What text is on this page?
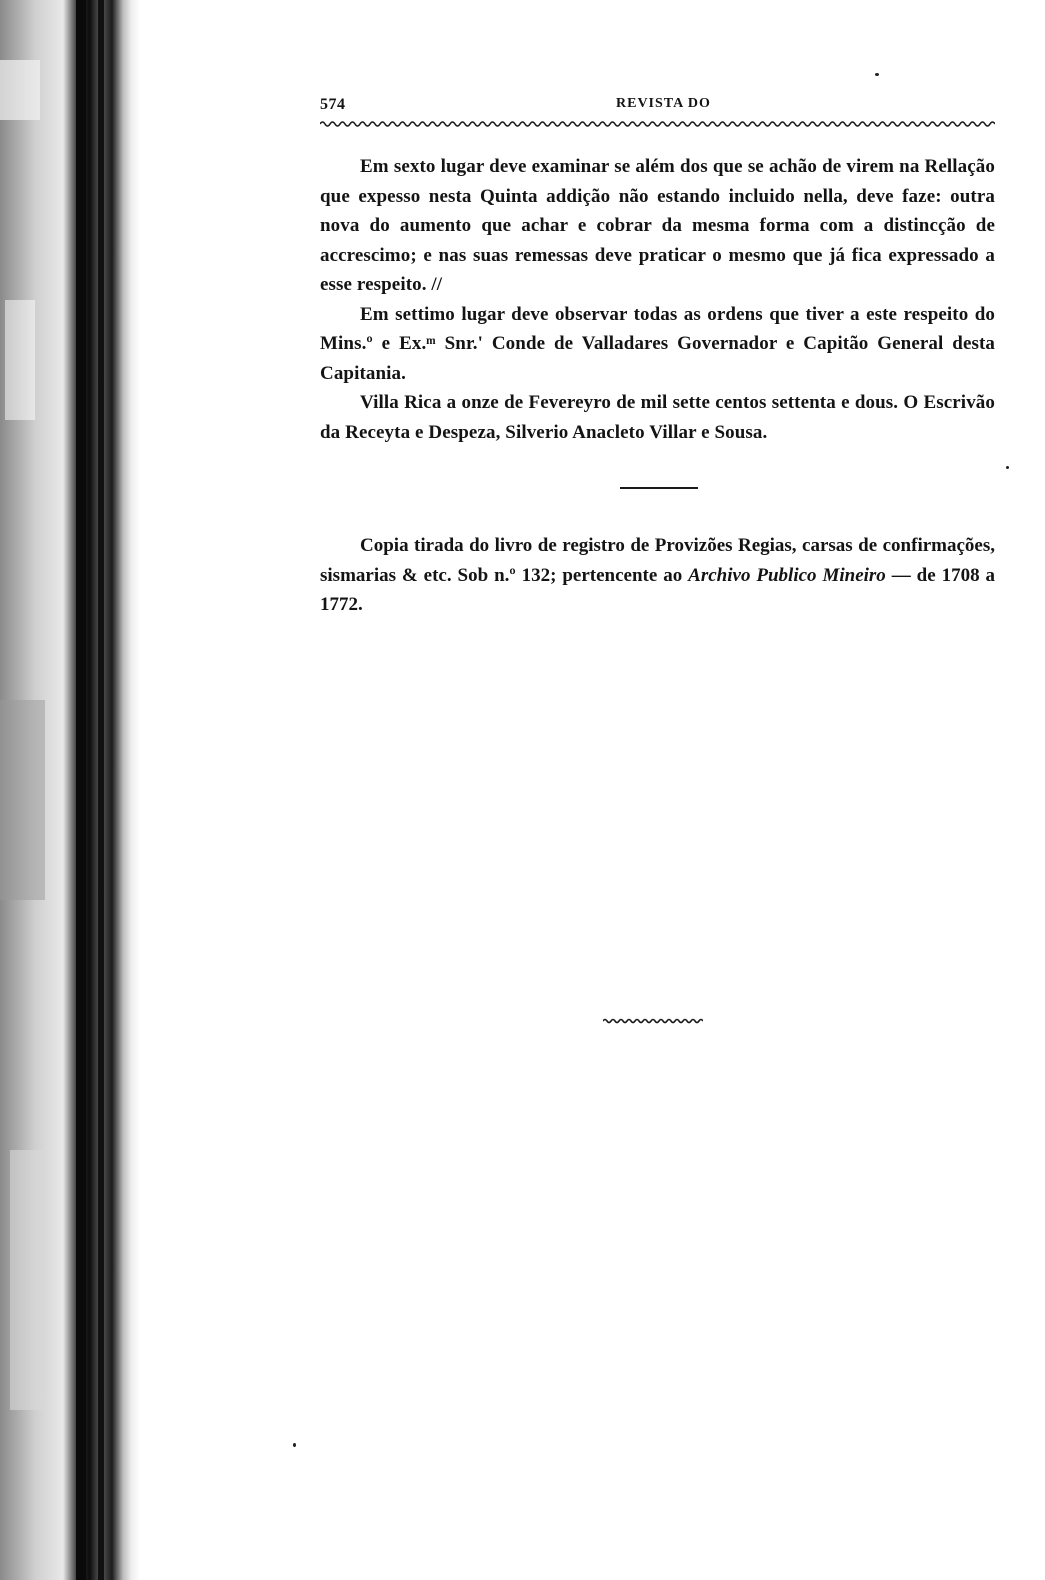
574	REVISTA DO

Em sexto lugar deve examinar se além dos que se achão de virem na Rellação que expesso nesta Quinta addição não estando incluido nella, deve faze: outra nova do aumento que achar e cobrar da mesma forma com a distincção de accrescimo; e nas suas remessas deve praticar o mesmo que já fica expressado a esse respeito. //

Em settimo lugar deve observar todas as ordens que tiver a este respeito do Mins.º e Ex.ᵐ Snr.' Conde de Valladares Governador e Capitão General desta Capitania.

Villa Rica a onze de Fevereyro de mil sette centos settenta e dous. O Escrivão da Receyta e Despeza, Silverio Anacleto Villar e Sousa.

Copia tirada do livro de registro de Provizões Regias, carsas de confirmações, sismarias & etc. Sob n.º 132; pertencente ao Archivo Publico Mineiro — de 1708 a 1772.
